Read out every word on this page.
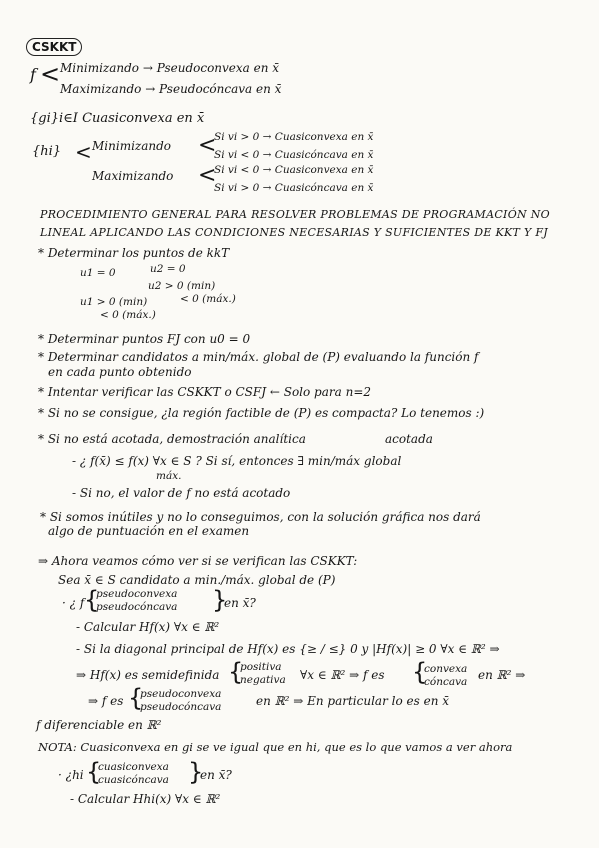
CSKKT
f < Minimizando → Pseudoconvexa en x̄
Maximizando → Pseudocóncava en x̄
{gi}i∈I Cuasiconvexa en x̄
{hi} < Minimizando <
Si vi > 0 → Cuasiconvexa en x̄
Si vi < 0 → Cuasicóncava en x̄
Maximizando <
Si vi < 0 → Cuasiconvexa en x̄
Si vi > 0 → Cuasicóncava en x̄
PROCEDIMIENTO GENERAL PARA RESOLVER PROBLEMAS DE PROGRAMACIÓN NO
LINEAL APLICANDO LAS CONDICIONES NECESARIAS Y SUFICIENTES DE KKT Y FJ
* Determinar los puntos de kkT
u1 = 0	u2 = 0
u2 > 0 (min)
< 0 (máx.)
u1 > 0 (min)
< 0 (máx.)
* Determinar puntos FJ con u0 = 0
* Determinar candidatos a min/máx. global de (P) evaluando la función f
en cada punto obtenido
* Intentar verificar las CSKKT o CSFJ ← Solo para n=2
* Si no se consigue, ¿la región factible de (P) es compacta? Lo tenemos :)
acotada
* Si no está acotada, demostración analítica
- ¿ f(x̄) ≤ f(x) ∀x ∈ S ? Si sí, entonces ∃ min/máx global
máx.
- Si no, el valor de f no está acotado
* Si somos inútiles y no lo conseguimos, con la solución gráfica nos dará
algo de puntuación en el examen
⇒ Ahora veamos cómo ver si se verifican las CSKKT:
Sea x̄ ∈ S candidato a min./máx. global de (P)
· ¿ f {
pseudoconvexa
pseudocóncava }
en x̄?
- Calcular Hf(x) ∀x ∈ ℝ²
- Si la diagonal principal de Hf(x) es {≥ / ≤} 0 y |Hf(x)| ≥ 0 ∀x ∈ ℝ² ⇒
⇒ Hf(x) es semidefinida {
positiva
negativa ∀x ∈ ℝ² ⇒ f es {
convexa
cóncava en ℝ² ⇒
⇒ f es {
pseudoconvexa
pseudocóncava	en ℝ² ⇒ En particular lo es en x̄
f diferenciable en ℝ²
NOTA: Cuasiconvexa en gi se ve igual que en hi, que es lo que vamos a ver ahora
· ¿hi {
cuasiconvexa
cuasicóncava }
en x̄?
- Calcular Hhi(x) ∀x ∈ ℝ²
